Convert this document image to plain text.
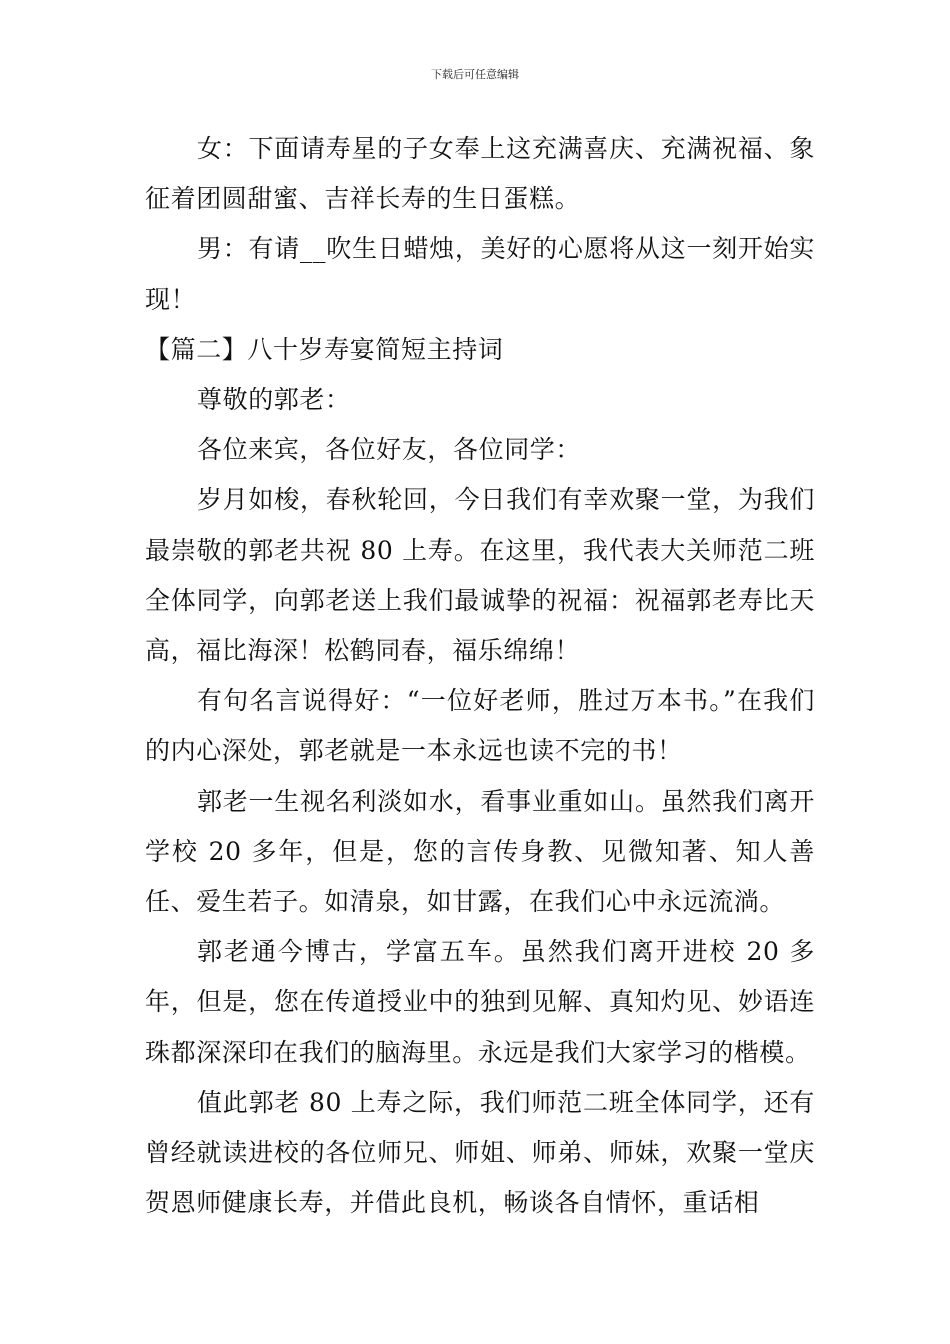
下载后可任意编辑

女：下面请寿星的子女奉上这充满喜庆、充满祝福、象征着团圆甜蜜、吉祥长寿的生日蛋糕。

男：有请__吹生日蜡烛，美好的心愿将从这一刻开始实现！

【篇二】八十岁寿宴简短主持词

尊敬的郭老：

各位来宾，各位好友，各位同学：

岁月如梭，春秋轮回，今日我们有幸欢聚一堂，为我们最崇敬的郭老共祝 80 上寿。在这里，我代表大关师范二班全体同学，向郭老送上我们最诚挚的祝福：祝福郭老寿比天高，福比海深！松鹤同春，福乐绵绵！

有句名言说得好：“一位好老师，胜过万本书。”在我们的内心深处，郭老就是一本永远也读不完的书！

郭老一生视名利淡如水，看事业重如山。虽然我们离开学校 20 多年，但是，您的言传身教、见微知著、知人善任、爱生若子。如清泉，如甘露，在我们心中永远流淌。

郭老通今博古，学富五车。虽然我们离开进校 20 多年，但是，您在传道授业中的独到见解、真知灼见、妙语连珠都深深印在我们的脑海里。永远是我们大家学习的楷模。

值此郭老 80 上寿之际，我们师范二班全体同学，还有曾经就读进校的各位师兄、师姐、师弟、师妹，欢聚一堂庆贺恩师健康长寿，并借此良机，畅谈各自情怀，重话相
